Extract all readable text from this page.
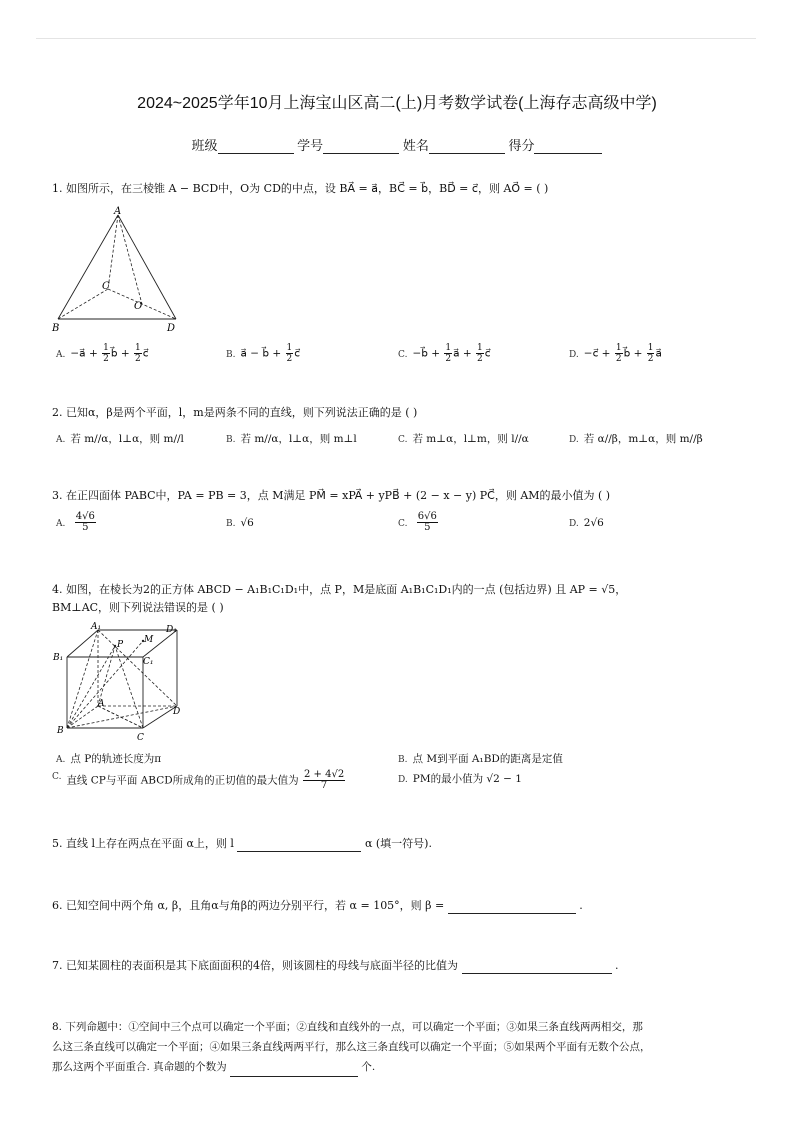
2024~2025学年10月上海宝山区高二(上)月考数学试卷(上海存志高级中学)
班级	学号	姓名	得分
1. 如图所示，在三棱锥 A − BCD中，O为 CD的中点，设 BA⃗ = a⃗，BC⃗ = b⃗，BD⃗ = c⃗，则 AO⃗ = ( )
A
C
O
B	D
A. −a⃗ + $\frac{1}{2}$ b⃗ + $\frac{1}{2}$ c⃗	B. a⃗ − b⃗ + $\frac{1}{2}$ c⃗	C. −b⃗ + $\frac{1}{2}$ a⃗ + $\frac{1}{2}$ c⃗	D. −c⃗ + $\frac{1}{2}$ b⃗ + $\frac{1}{2}$ a⃗
2. 已知α，β是两个平面，l，m是两条不同的直线，则下列说法正确的是 ( )
A. 若 m//α，l⊥α，则 m//l	B. 若 m//α，l⊥α，则 m⊥l	C. 若 m⊥α，l⊥m，则 l//α	D. 若 α//β，m⊥α，则 m//β
3. 在正四面体 PABC中，PA = PB = 3，点 M满足 PM⃗ = xPA⃗ + yPB⃗ + (2 − x − y) PC⃗，则 AM的最小值为 ( )
A. $\frac{4√6}{5}$	B. √6	C. $\frac{6√6}{5}$	D. 2√6
4. 如图，在棱长为2的正方体 ABCD − A₁B₁C₁D₁中，点 P，M是底面 A₁B₁C₁D₁内的一点 (包括边界) 且 AP = √5，
BM⊥AC，则下列说法错误的是 ( )
A₁
P M
D₁
B₁	C₁
A
D
B
C
A. 点 P的轨迹长度为π	B. 点 M到平面 A₁BD的距离是定值
C. 直线 CP与平面 ABCD所成角的正切值的最大值为 $\frac{2 + 4√2}{7}$	D. PM的最小值为 √2 − 1
5. 直线 l上存在两点在平面 α上，则 l	α (填一符号).
6. 已知空间中两个角 α, β，且角α与角β的两边分别平行，若 α = 105°，则 β =	.
7. 已知某圆柱的表面积是其下底面面积的4倍，则该圆柱的母线与底面半径的比值为	.
8. 下列命题中：①空间中三个点可以确定一个平面；②直线和直线外的一点，可以确定一个平面；③如果三条直线两两相交，那
么这三条直线可以确定一个平面；④如果三条直线两两平行，那么这三条直线可以确定一个平面；⑤如果两个平面有无数个公点，
那么这两个平面重合. 真命题的个数为	个.
